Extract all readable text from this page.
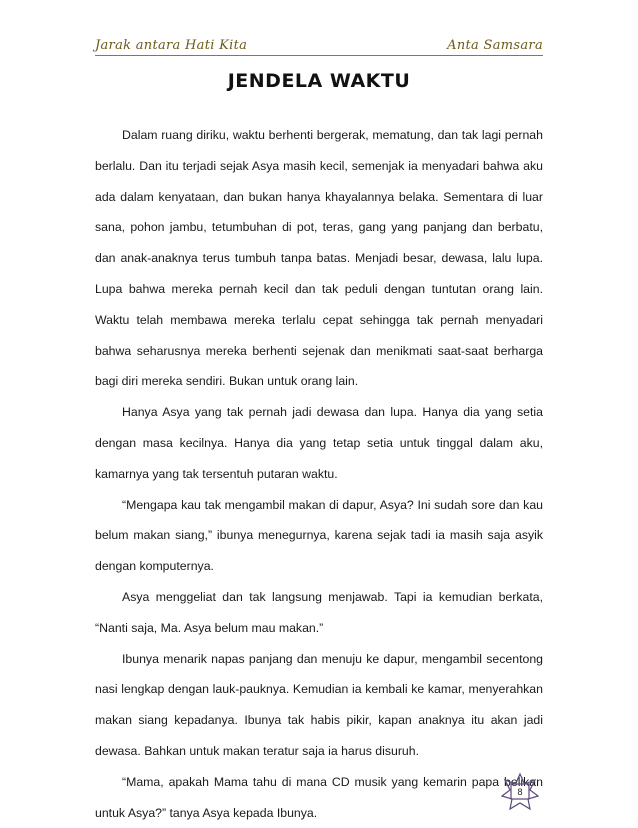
Jarak antara Hati Kita	Anta Samsara
JENDELA WAKTU

Dalam ruang diriku, waktu berhenti bergerak, mematung, dan tak lagi pernah berlalu. Dan itu terjadi sejak Asya masih kecil, semenjak ia menyadari bahwa aku ada dalam kenyataan, dan bukan hanya khayalannya belaka. Sementara di luar sana, pohon jambu, tetumbuhan di pot, teras, gang yang panjang dan berbatu, dan anak-anaknya terus tumbuh tanpa batas. Menjadi besar, dewasa, lalu lupa. Lupa bahwa mereka pernah kecil dan tak peduli dengan tuntutan orang lain. Waktu telah membawa mereka terlalu cepat sehingga tak pernah menyadari bahwa seharusnya mereka berhenti sejenak dan menikmati saat-saat berharga bagi diri mereka sendiri. Bukan untuk orang lain.

Hanya Asya yang tak pernah jadi dewasa dan lupa. Hanya dia yang setia dengan masa kecilnya. Hanya dia yang tetap setia untuk tinggal dalam aku, kamarnya yang tak tersentuh putaran waktu.

“Mengapa kau tak mengambil makan di dapur, Asya? Ini sudah sore dan kau belum makan siang,” ibunya menegurnya, karena sejak tadi ia masih saja asyik dengan komputernya.

Asya menggeliat dan tak langsung menjawab. Tapi ia kemudian berkata, “Nanti saja, Ma. Asya belum mau makan.”

Ibunya menarik napas panjang dan menuju ke dapur, mengambil secentong nasi lengkap dengan lauk-pauknya. Kemudian ia kembali ke kamar, menyerahkan makan siang kepadanya. Ibunya tak habis pikir, kapan anaknya itu akan jadi dewasa. Bahkan untuk makan teratur saja ia harus disuruh.

“Mama, apakah Mama tahu di mana CD musik yang kemarin papa belikan untuk Asya?” tanya Asya kepada Ibunya.

8
